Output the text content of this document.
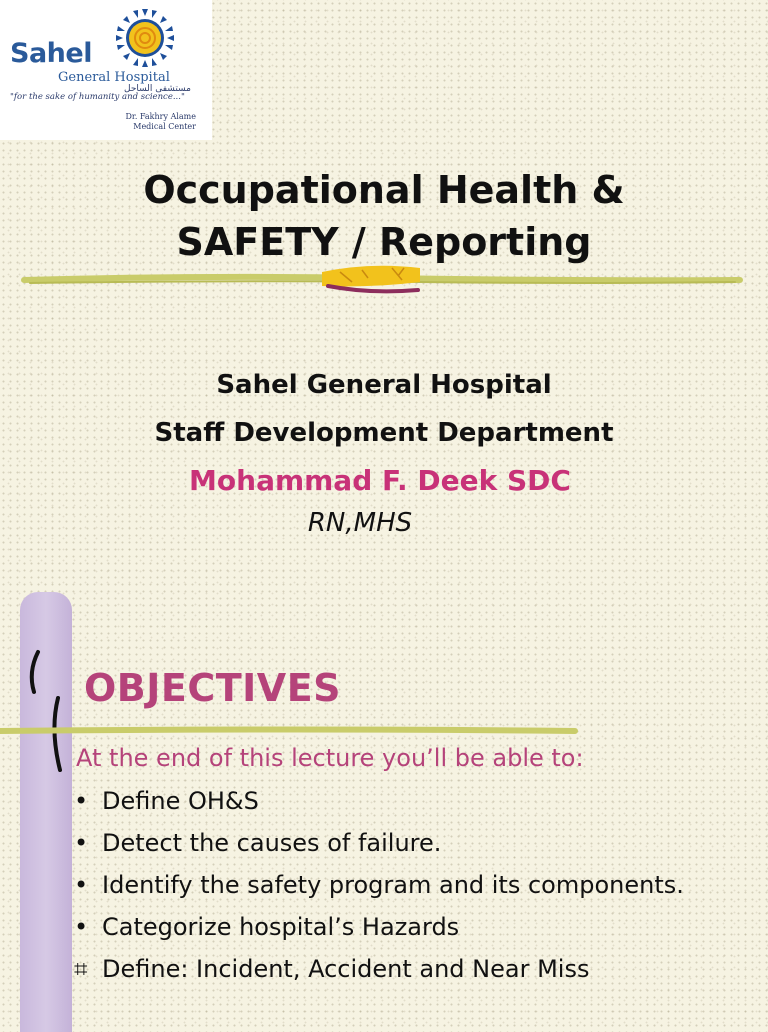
Sahel
General Hospital
مستشفى الساحل
"for the sake of humanity and science..."
Dr. Fakhry Alame
Medical Center
Occupational Health &
SAFETY / Reporting
Sahel General Hospital
Staff Development Department
Mohammad F. Deek SDC
RN,MHS
OBJECTIVES
At the end of this lecture you’ll be able to:
• Define OH&S
• Detect the causes of failure.
• Identify the safety program and its components.
• Categorize hospital’s Hazards
⌗ Define: Incident, Accident and Near Miss
